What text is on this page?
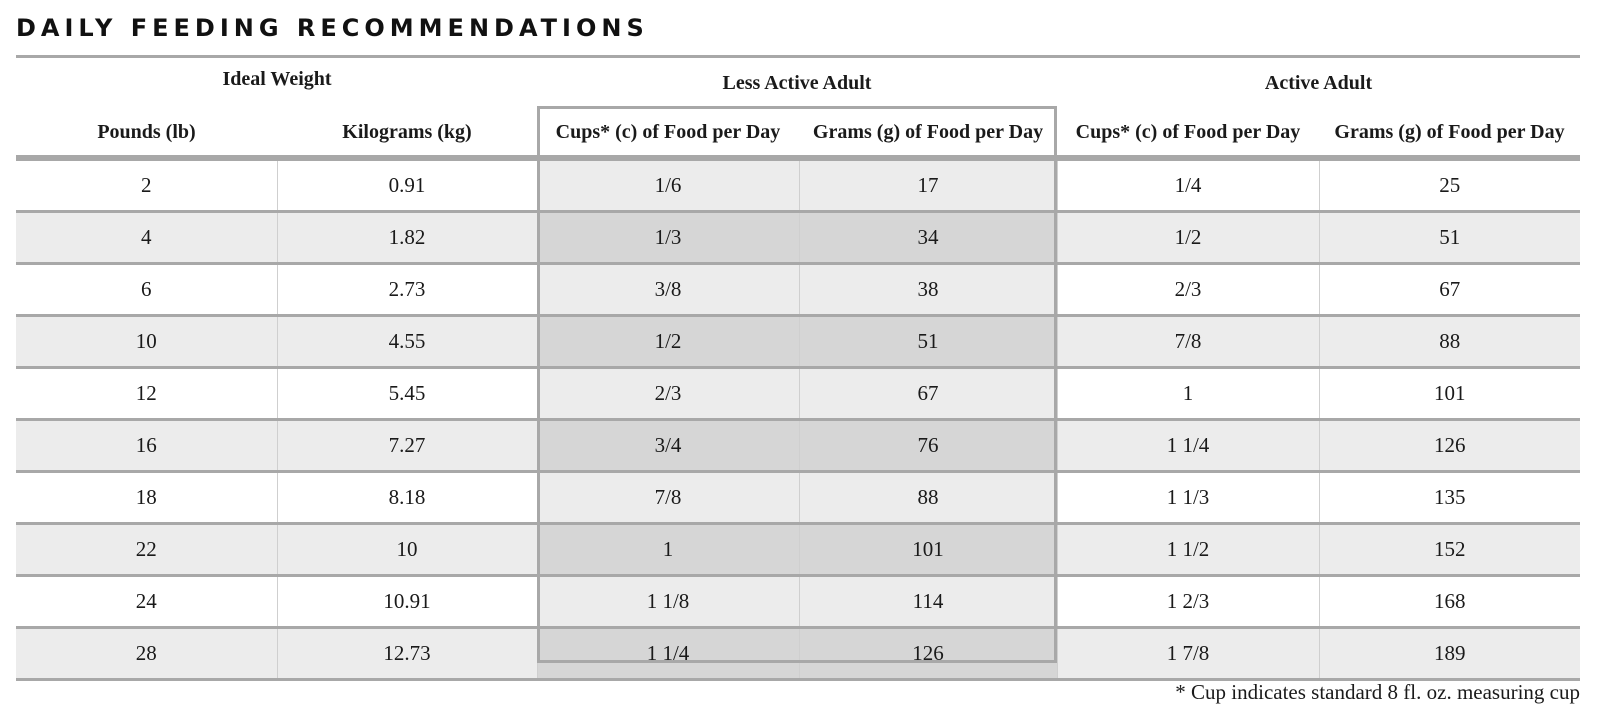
DAILY FEEDING RECOMMENDATIONS
Ideal Weight	Less Active Adult	Active Adult
Pounds (lb)	Kilograms (kg)	Cups* (c) of Food per Day	Grams (g) of Food per Day	Cups* (c) of Food per Day	Grams (g) of Food per Day
2	0.91	1/6	17	1/4	25
4	1.82	1/3	34	1/2	51
6	2.73	3/8	38	2/3	67
10	4.55	1/2	51	7/8	88
12	5.45	2/3	67	1	101
16	7.27	3/4	76	1 1/4	126
18	8.18	7/8	88	1 1/3	135
22	10	1	101	1 1/2	152
24	10.91	1 1/8	114	1 2/3	168
28	12.73	1 1/4	126	1 7/8	189
* Cup indicates standard 8 fl. oz. measuring cup
